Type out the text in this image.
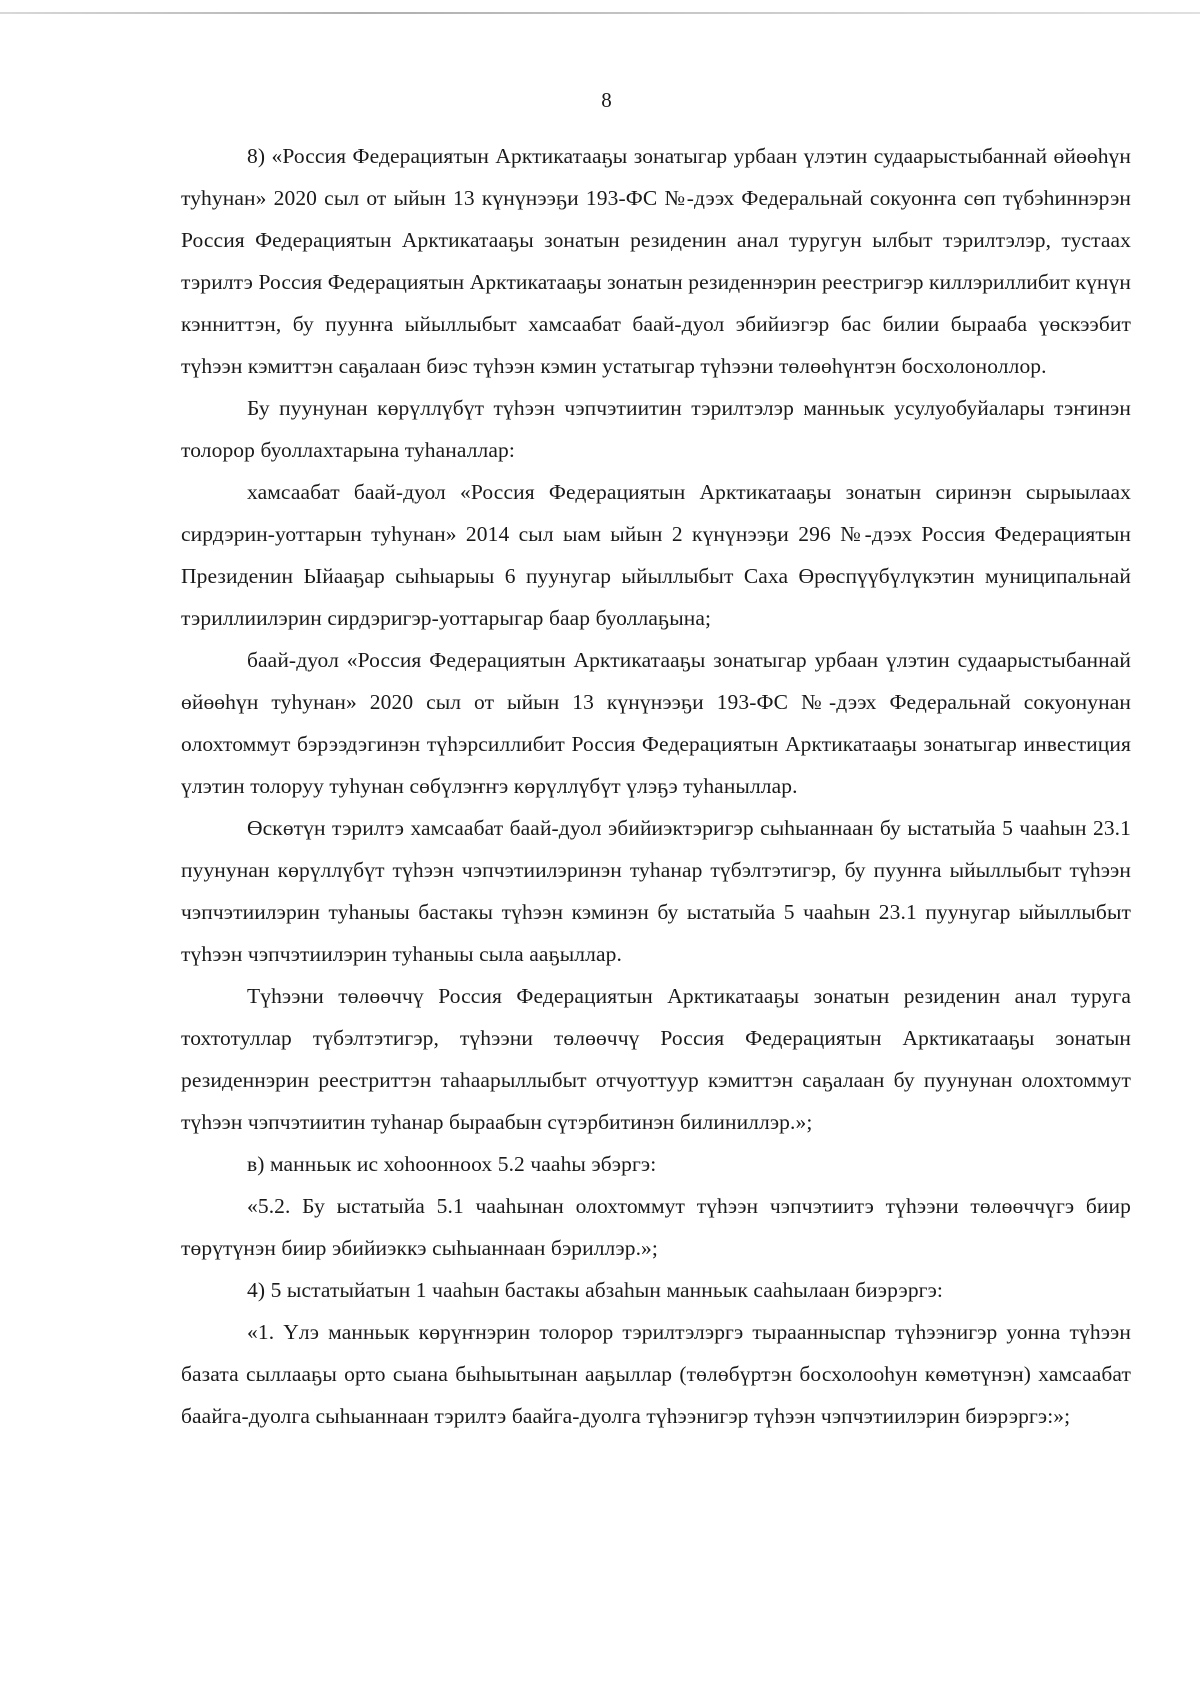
8

8) «Россия Федерациятын Арктикатааҕы зонатыгар урбаан үлэтин судаарыстыбаннай өйөөһүн туһунан» 2020 сыл от ыйын 13 күнүнээҕи 193-ФС №-дээх Федеральнай сокуонҥа сөп түбэһиннэрэн Россия Федерациятын Арктикатааҕы зонатын резиденин анал туругун ылбыт тэрилтэлэр, тустаах тэрилтэ Россия Федерациятын Арктикатааҕы зонатын резиденнэрин реестригэр киллэриллибит күнүн кэнниттэн, бу пуунҥа ыйыллыбыт хамсаабат баай-дуол эбийиэгэр бас билии бырааба үөскээбит түһээн кэмиттэн саҕалаан биэс түһээн кэмин устатыгар түһээни төлөөһүнтэн босхолоноллор.

Бу пуунунан көрүллүбүт түһээн чэпчэтиитин тэрилтэлэр манньык усулуобуйалары тэҥинэн толорор буоллахтарына туһаналлар:

хамсаабат баай-дуол «Россия Федерациятын Арктикатааҕы зонатын сиринэн сырыылаах сирдэрин-уоттарын туһунан» 2014 сыл ыам ыйын 2 күнүнээҕи 296 №-дээх Россия Федерациятын Президенин Ыйааҕар сыһыарыы 6 пуунугар ыйыллыбыт Саха Өрөспүүбүлүкэтин муниципальнай тэриллиилэрин сирдэригэр-уоттарыгар баар буоллаҕына;

баай-дуол «Россия Федерациятын Арктикатааҕы зонатыгар урбаан үлэтин судаарыстыбаннай өйөөһүн туһунан» 2020 сыл от ыйын 13 күнүнээҕи 193-ФС №-дээх Федеральнай сокуонунан олохтоммут бэрээдэгинэн түһэрсиллибит Россия Федерациятын Арктикатааҕы зонатыгар инвестиция үлэтин толоруу туһунан сөбүлэҥҥэ көрүллүбүт үлэҕэ туһаныллар.

Өскөтүн тэрилтэ хамсаабат баай-дуол эбийиэктэригэр сыһыаннаан бу ыстатыйа 5 чааһын 23.1 пуунунан көрүллүбүт түһээн чэпчэтиилэринэн туһанар түбэлтэтигэр, бу пуунҥа ыйыллыбыт түһээн чэпчэтиилэрин туһаныы бастакы түһээн кэминэн бу ыстатыйа 5 чааһын 23.1 пуунугар ыйыллыбыт түһээн чэпчэтиилэрин туһаныы сыла ааҕыллар.

Түһээни төлөөччү Россия Федерациятын Арктикатааҕы зонатын резиденин анал туруга тохтотуллар түбэлтэтигэр, түһээни төлөөччү Россия Федерациятын Арктикатааҕы зонатын резиденнэрин реестриттэн таһаарыллыбыт отчуоттуур кэмиттэн саҕалаан бу пуунунан олохтоммут түһээн чэпчэтиитин туһанар бырaабын сүтэрбитинэн билиниллэр.»;

в) манньык ис хоһоонноох 5.2 чааһы эбэргэ:

«5.2. Бу ыстатыйа 5.1 чааһынан олохтоммут түһээн чэпчэтиитэ түһээни төлөөччүгэ биир төрүтүнэн биир эбийиэккэ сыһыаннаан бэриллэр.»;

4) 5 ыстатыйатын 1 чааһын бастакы абзаһын манньык сааһылаан биэрэргэ:

«1. Үлэ манньык көрүҥнэрин толорор тэрилтэлэргэ тыраанныспар түһээнигэр уонна түһээн базата сыллааҕы орто сыана быһыытынан ааҕыллар (төлөбүртэн босхолооһун көмөтүнэн) хамсаабат баайга-дуолга сыһыаннаан тэрилтэ баайга-дуолга түһээнигэр түһээн чэпчэтиилэрин биэрэргэ:»;
